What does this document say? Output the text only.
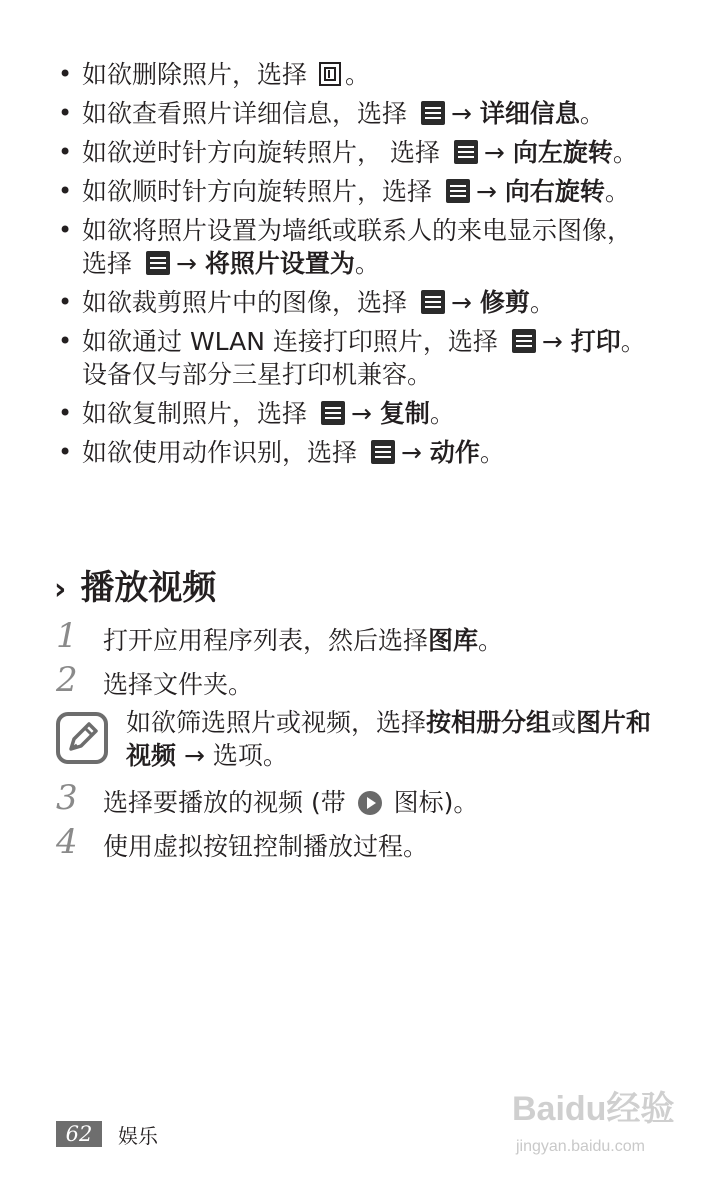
• 如欲删除照片，选择 。
• 如欲查看照片详细信息，选择 → 详细信息。
• 如欲逆时针方向旋转照片， 选择 → 向左旋转。
• 如欲顺时针方向旋转照片，选择 → 向右旋转。
• 如欲将照片设置为墙纸或联系人的来电显示图像，选择 → 将照片设置为。
• 如欲裁剪照片中的图像，选择 → 修剪。
• 如欲通过 WLAN 连接打印照片，选择 → 打印。设备仅与部分三星打印机兼容。
• 如欲复制照片，选择 → 复制。
• 如欲使用动作识别，选择 → 动作。
› 播放视频
1	打开应用程序列表，然后选择图库。
2	选择文件夹。
如欲筛选照片或视频，选择按相册分组或图片和视频 → 选项。
3	选择要播放的视频 (带  图标)。
4	使用虚拟按钮控制播放过程。
62	娱乐
Baidu经验
jingyan.baidu.com
